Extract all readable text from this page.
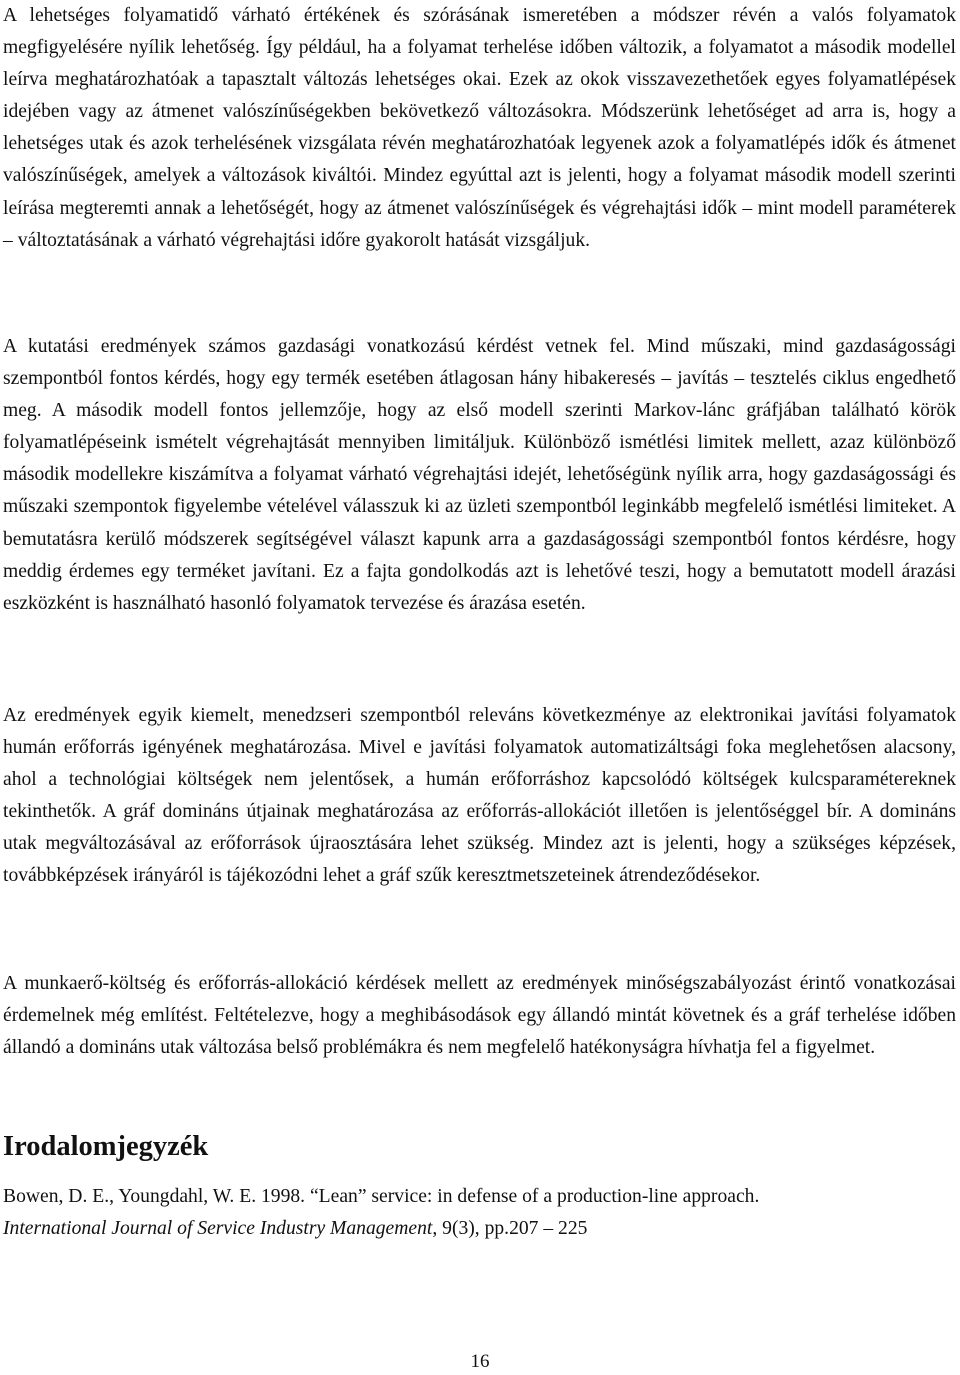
A lehetséges folyamatidő várható értékének és szórásának ismeretében a módszer révén a valós folyamatok megfigyelésére nyílik lehetőség. Így például, ha a folyamat terhelése időben változik, a folyamatot a második modellel leírva meghatározhatóak a tapasztalt változás lehetséges okai. Ezek az okok visszavezethetőek egyes folyamatlépések idejében vagy az átmenet valószínűségekben bekövetkező változásokra. Módszerünk lehetőséget ad arra is, hogy a lehetséges utak és azok terhelésének vizsgálata révén meghatározhatóak legyenek azok a folyamatlépés idők és átmenet valószínűségek, amelyek a változások kiváltói. Mindez egyúttal azt is jelenti, hogy a folyamat második modell szerinti leírása megteremti annak a lehetőségét, hogy az átmenet valószínűségek és végrehajtási idők – mint modell paraméterek – változtatásának a várható végrehajtási időre gyakorolt hatását vizsgáljuk.

A kutatási eredmények számos gazdasági vonatkozású kérdést vetnek fel. Mind műszaki, mind gazdaságossági szempontból fontos kérdés, hogy egy termék esetében átlagosan hány hibakeresés – javítás – tesztelés ciklus engedhető meg. A második modell fontos jellemzője, hogy az első modell szerinti Markov-lánc gráfjában található körök folyamatlépéseink ismételt végrehajtását mennyiben limitáljuk. Különböző ismétlési limitek mellett, azaz különböző második modellekre kiszámítva a folyamat várható végrehajtási idejét, lehetőségünk nyílik arra, hogy gazdaságossági és műszaki szempontok figyelembe vételével válasszuk ki az üzleti szempontból leginkább megfelelő ismétlési limiteket. A bemutatásra kerülő módszerek segítségével választ kapunk arra a gazdaságossági szempontból fontos kérdésre, hogy meddig érdemes egy terméket javítani. Ez a fajta gondolkodás azt is lehetővé teszi, hogy a bemutatott modell árazási eszközként is használható hasonló folyamatok tervezése és árazása esetén.

Az eredmények egyik kiemelt, menedzseri szempontból releváns következménye az elektronikai javítási folyamatok humán erőforrás igényének meghatározása. Mivel e javítási folyamatok automatizáltsági foka meglehetősen alacsony, ahol a technológiai költségek nem jelentősek, a humán erőforráshoz kapcsolódó költségek kulcsparamétereknek tekinthetők. A gráf domináns útjainak meghatározása az erőforrás-allokációt illetően is jelentőséggel bír. A domináns utak megváltozásával az erőforrások újraosztására lehet szükség. Mindez azt is jelenti, hogy a szükséges képzések, továbbképzések irányáról is tájékozódni lehet a gráf szűk keresztmetszeteinek átrendeződésekor.

A munkaerő-költség és erőforrás-allokáció kérdések mellett az eredmények minőségszabályozást érintő vonatkozásai érdemelnek még említést. Feltételezve, hogy a meghibásodások egy állandó mintát követnek és a gráf terhelése időben állandó a domináns utak változása belső problémákra és nem megfelelő hatékonyságra hívhatja fel a figyelmet.

Irodalomjegyzék

Bowen, D. E., Youngdahl, W. E. 1998. “Lean” service: in defense of a production-line approach.
International Journal of Service Industry Management, 9(3), pp.207 – 225

16
